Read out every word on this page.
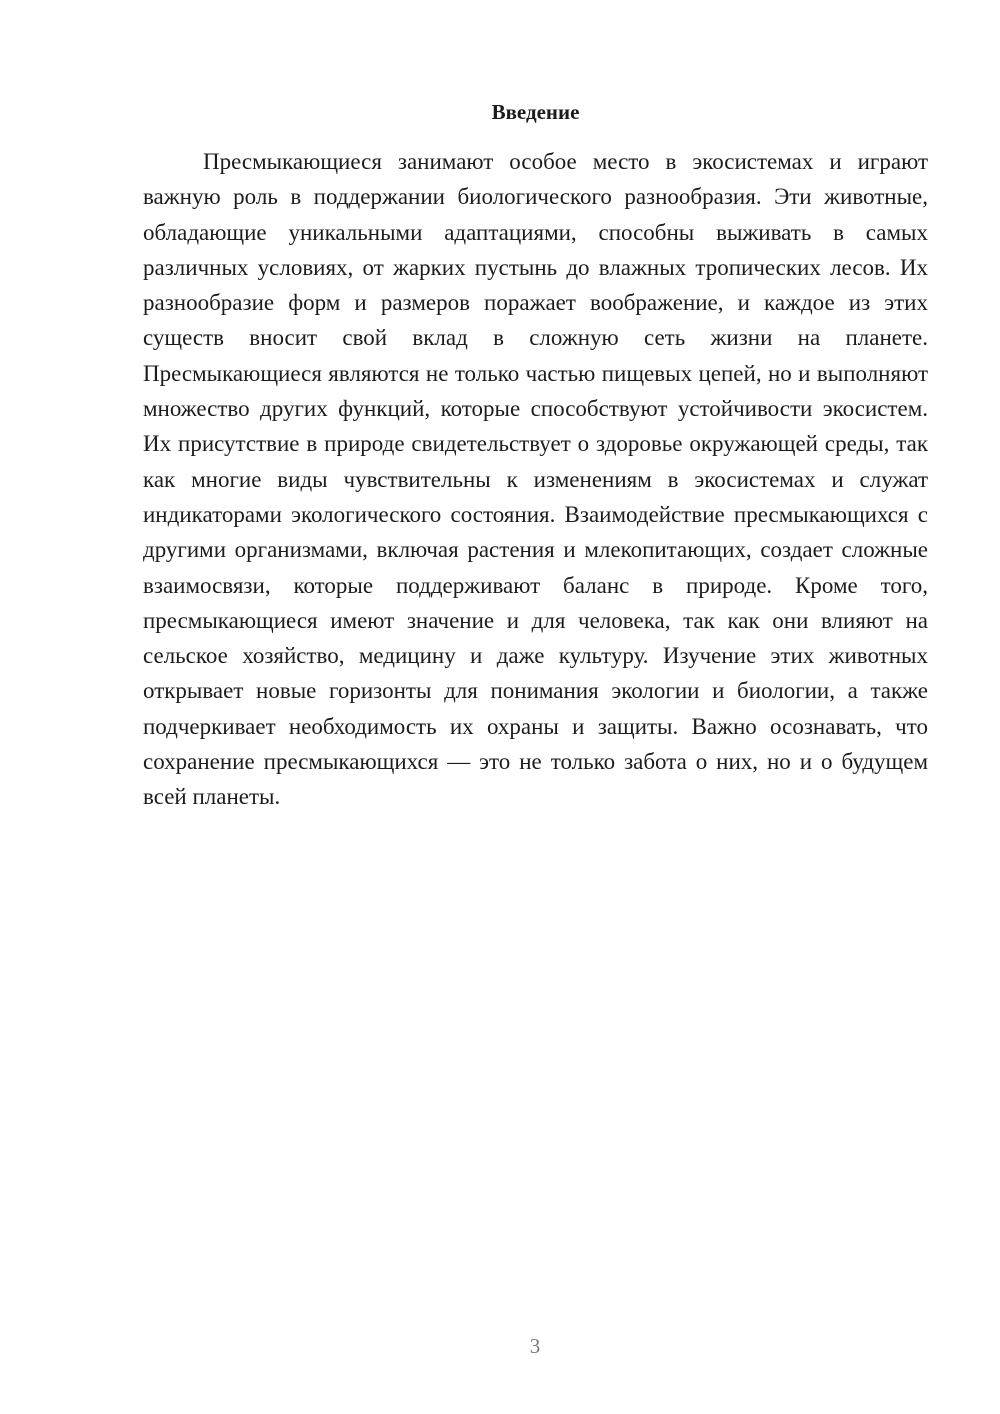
Введение

Пресмыкающиеся занимают особое место в экосистемах и играют важную роль в поддержании биологического разнообразия. Эти животные, обладающие уникальными адаптациями, способны выживать в самых различных условиях, от жарких пустынь до влажных тропических лесов. Их разнообразие форм и размеров поражает воображение, и каждое из этих существ вносит свой вклад в сложную сеть жизни на планете. Пресмыкающиеся являются не только частью пищевых цепей, но и выполняют множество других функций, которые способствуют устойчивости экосистем. Их присутствие в природе свидетельствует о здоровье окружающей среды, так как многие виды чувствительны к изменениям в экосистемах и служат индикаторами экологического состояния. Взаимодействие пресмыкающихся с другими организмами, включая растения и млекопитающих, создает сложные взаимосвязи, которые поддерживают баланс в природе. Кроме того, пресмыкающиеся имеют значение и для человека, так как они влияют на сельское хозяйство, медицину и даже культуру. Изучение этих животных открывает новые горизонты для понимания экологии и биологии, а также подчеркивает необходимость их охраны и защиты. Важно осознавать, что сохранение пресмыкающихся — это не только забота о них, но и о будущем всей планеты.

3
